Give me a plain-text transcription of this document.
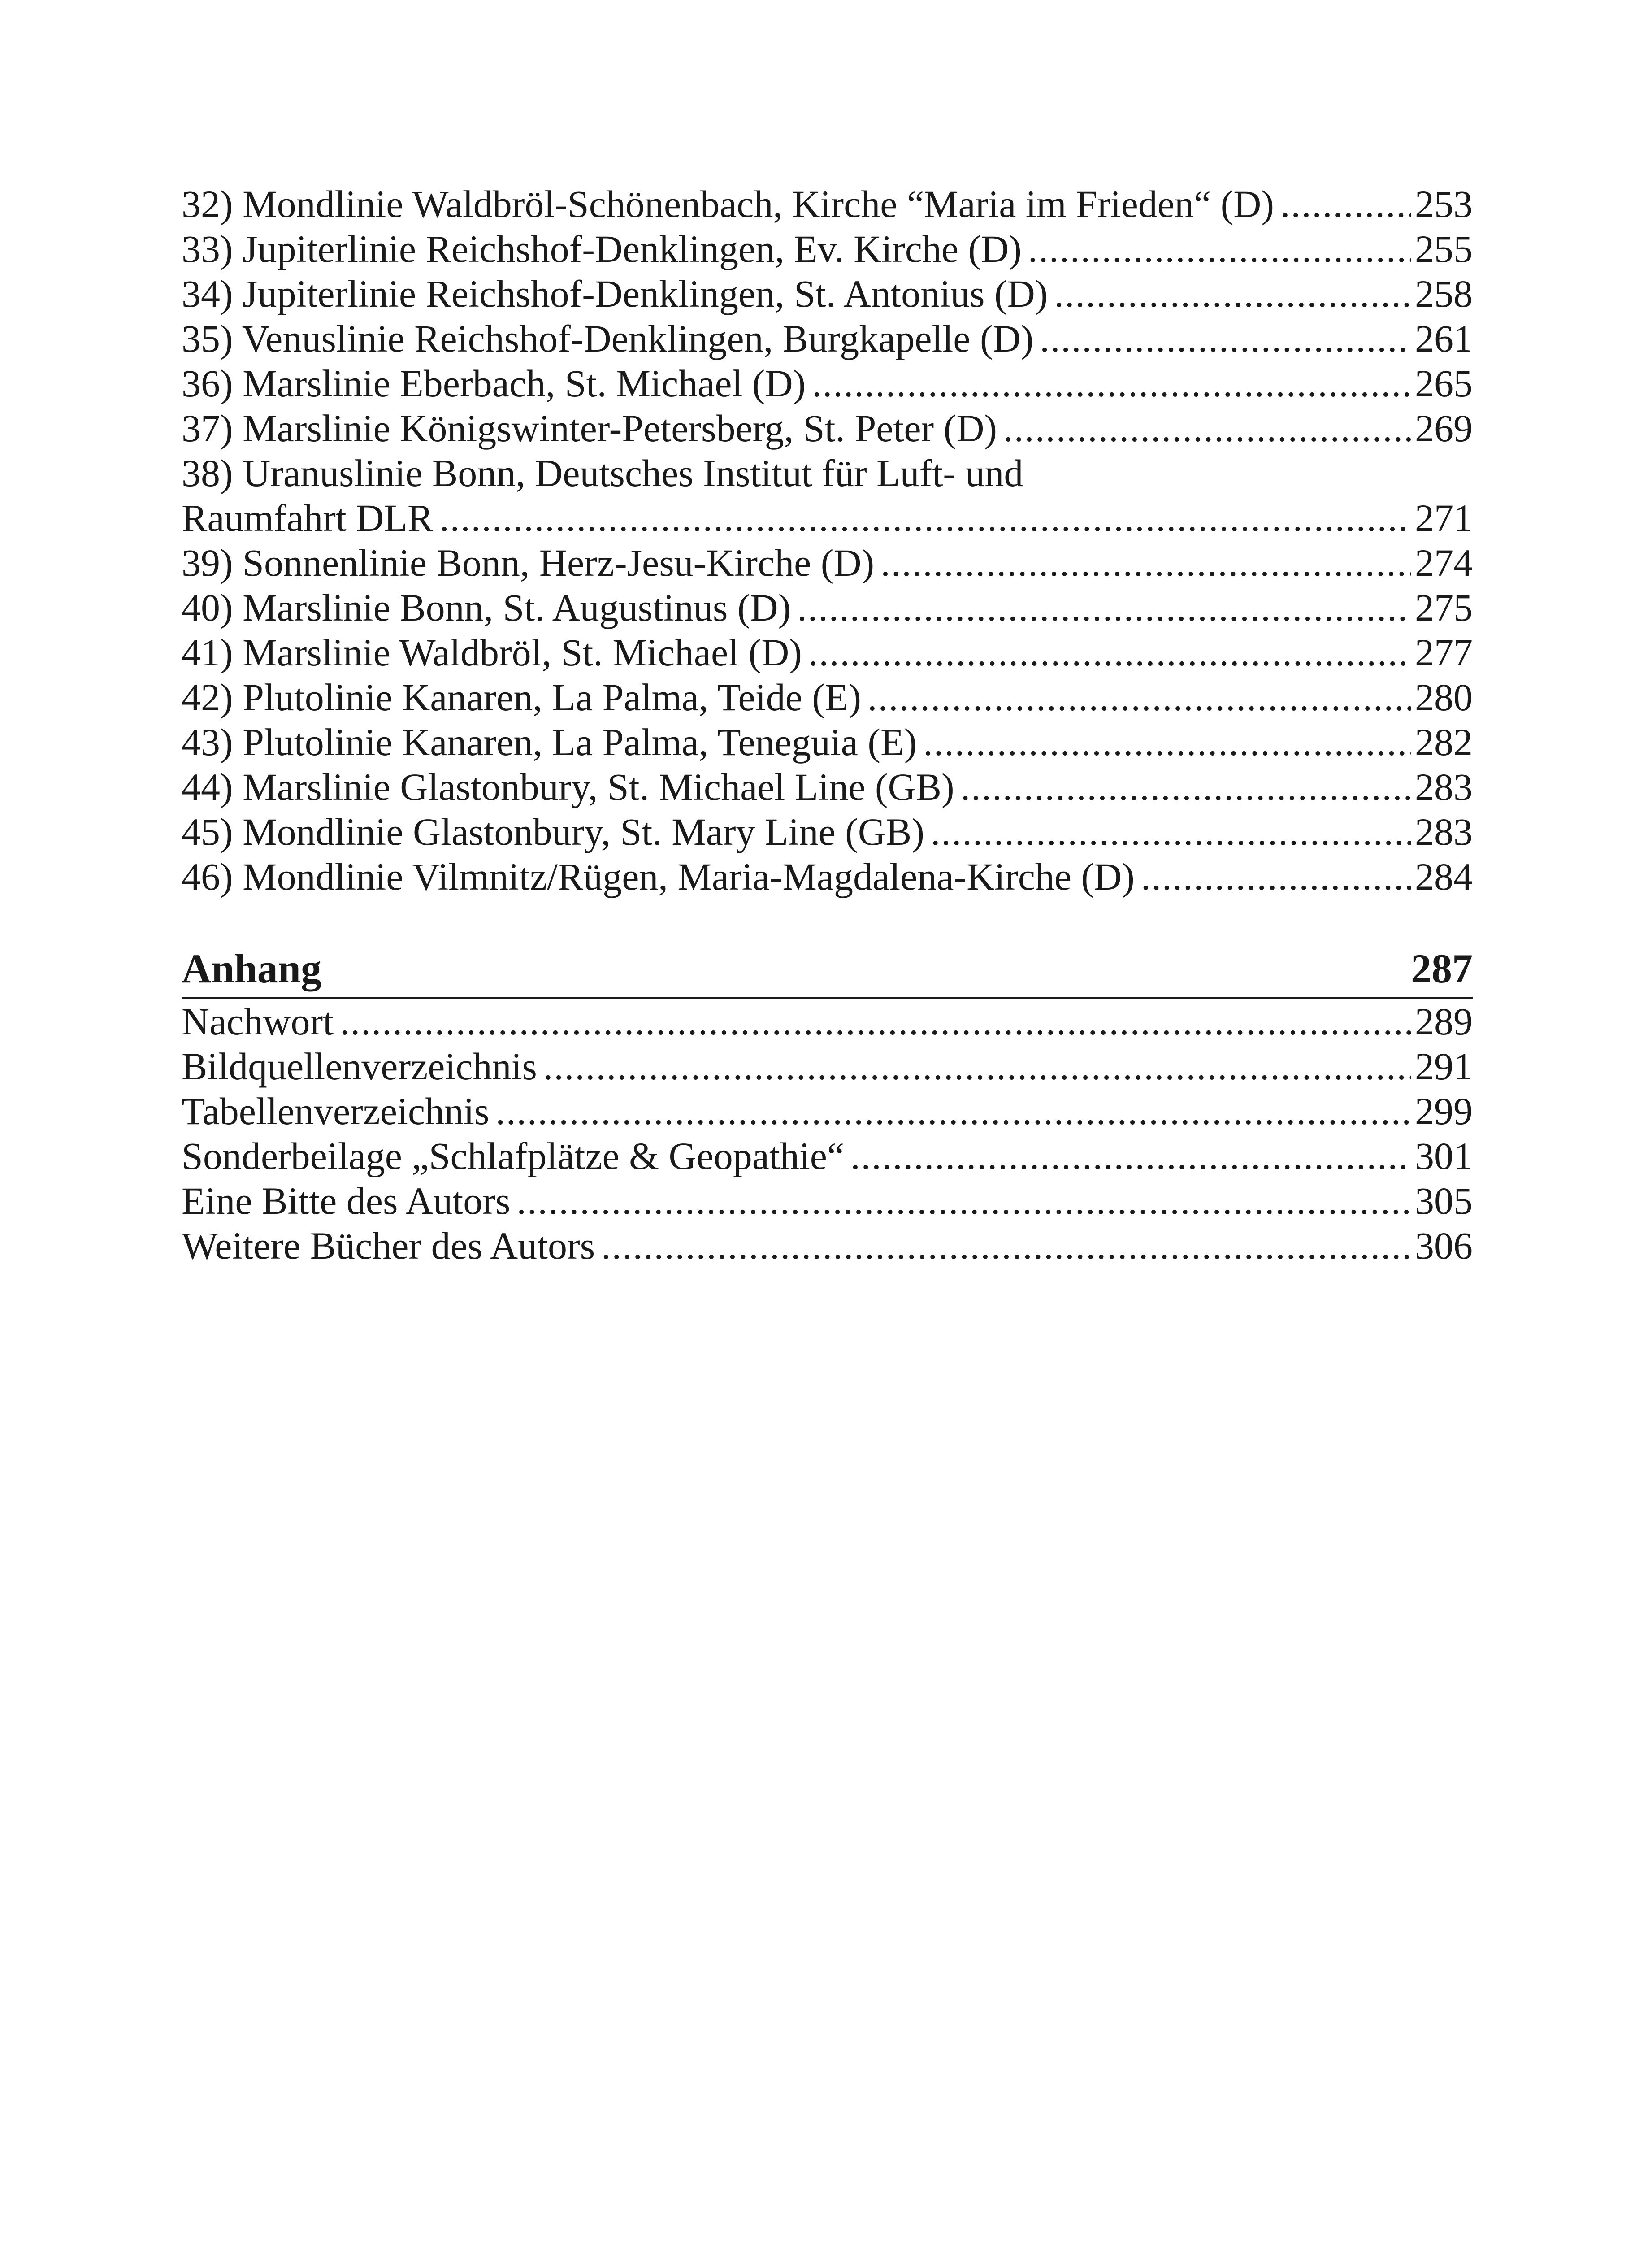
32) Mondlinie Waldbröl-Schönenbach, Kirche “Maria im Frieden“ (D) .....	253
33) Jupiterlinie Reichshof-Denklingen, Ev. Kirche (D) .....	255
34) Jupiterlinie Reichshof-Denklingen, St. Antonius (D) .....	258
35) Venuslinie Reichshof-Denklingen, Burgkapelle (D) .....	261
36) Marslinie Eberbach, St. Michael (D) .....	265
37) Marslinie Königswinter-Petersberg, St. Peter (D) .....	269
38) Uranuslinie Bonn, Deutsches Institut für Luft- und
Raumfahrt DLR .....	271
39) Sonnenlinie Bonn, Herz-Jesu-Kirche (D) .....	274
40) Marslinie Bonn, St. Augustinus (D) .....	275
41) Marslinie Waldbröl, St. Michael (D) .....	277
42) Plutolinie Kanaren, La Palma, Teide (E) .....	280
43) Plutolinie Kanaren, La Palma, Teneguia (E) .....	282
44) Marslinie Glastonbury, St. Michael Line (GB) .....	283
45) Mondlinie Glastonbury, St. Mary Line (GB) .....	283
46) Mondlinie Vilmnitz/Rügen, Maria-Magdalena-Kirche (D) .....	284
Anhang	287
Nachwort .....	289
Bildquellenverzeichnis .....	291
Tabellenverzeichnis .....	299
Sonderbeilage „Schlafplätze & Geopathie“ .....	301
Eine Bitte des Autors .....	305
Weitere Bücher des Autors .....	306
